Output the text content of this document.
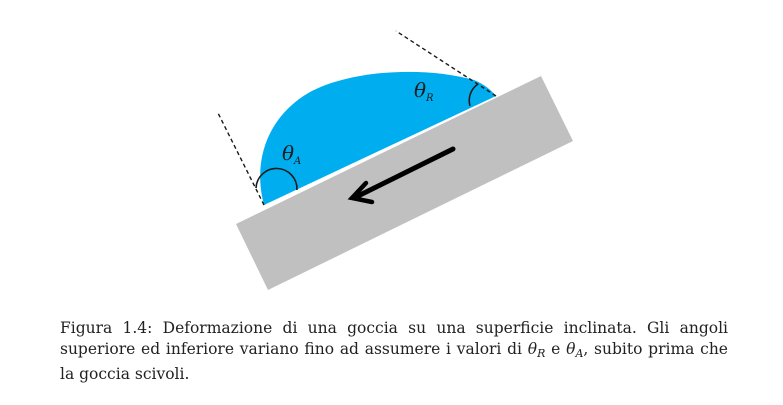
$\theta_R$
$\theta_A$

Figura 1.4: Deformazione di una goccia su una superficie inclinata. Gli angoli superiore ed inferiore variano fino ad assumere i valori di θR e θA, subito prima che la goccia scivoli.
